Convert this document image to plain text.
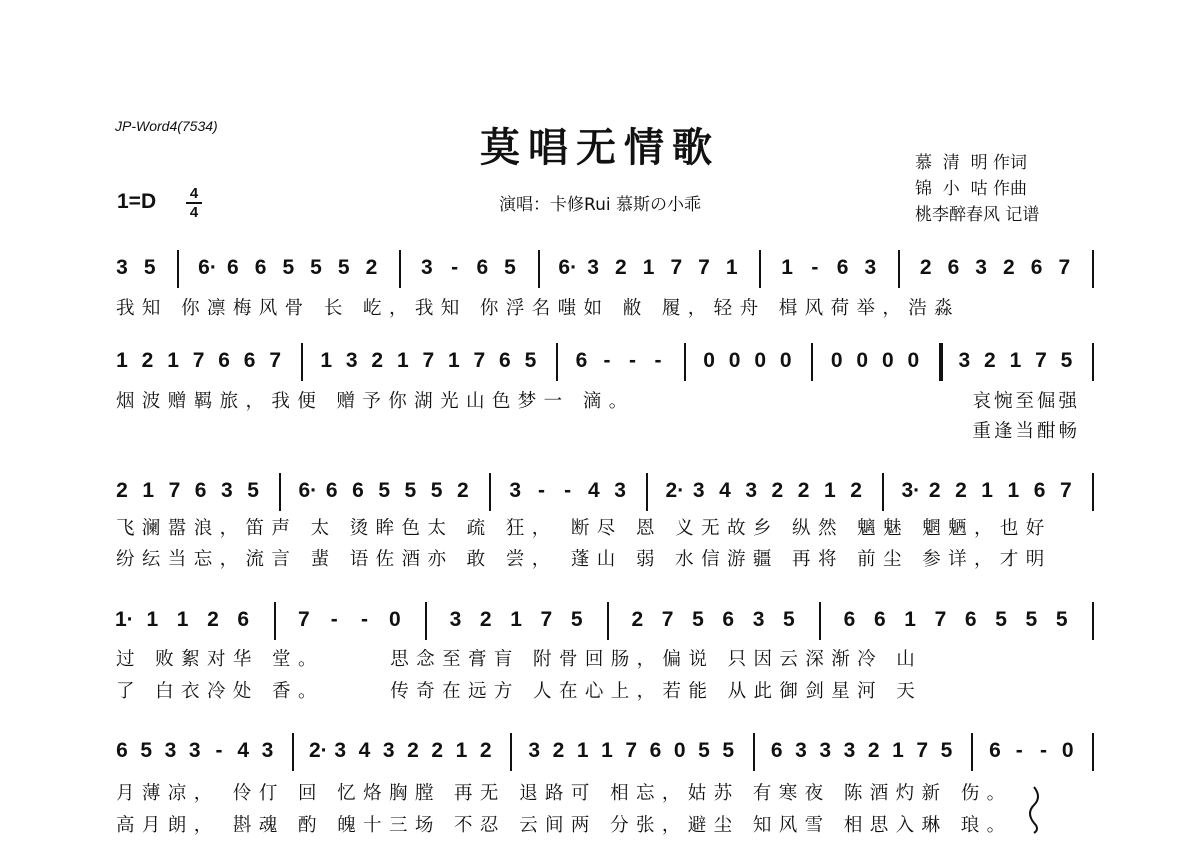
JP-Word4(7534)	莫唱无情歌
演唱：卡修Rui 慕斯の小乖
慕  清  明 作词
锦  小  咕 作曲
桃李醉春风 记谱
1=D 4
4
3 5 6· 6 6 5 5 5 2 3 - 6 5 6· 3 2 1 7 7 1 1 - 6 3 2 6 3 2 6 7
我知 你凛梅风骨 长 屹，我知 你浮名嗤如 敝 履，轻舟 楫风荷举，浩淼
1 2 1 7 6 6 7 1 3 2 1 7 1 7 6 5 6 - - - 0 0 0 0 0 0 0 0 3 2 1 7 5
烟波赠羁旅，我便 赠予你湖光山色梦一 滴。	哀惋至倔强
重逢当酣畅
2 1 7 6 3 5 6· 6 6 5 5 5 2 3 - - 4 3 2· 3 4 3 2 2 1 2 3· 2 2 1 1 6 7
飞澜嚣浪，笛声 太 烫眸色太 疏 狂， 断尽 恩 义无故乡 纵然 魑魅 魍魉，也好
纷纭当忘，流言 蜚 语佐酒亦 敢 尝， 蓬山 弱 水信游疆 再将 前尘 参详，才明
1· 1 1 2 6 7 - - 0 3 2 1 7 5 2 7 5 6 3 5 6 6 1 7 6 5 5 5
过 败絮对华 堂。     思念至膏肓 附骨回肠，偏说 只因云深渐冷 山
了 白衣冷处 香。     传奇在远方 人在心上，若能 从此御剑星河 天
6 5 3 3 - 4 3 2· 3 4 3 2 2 1 2 3 2 1 1 7 6 0 5 5 6 3 3 3 2 1 7 5 6 - - 0
月薄凉， 伶仃 回 忆烙胸膛 再无 退路可 相忘，姑苏 有寒夜 陈酒灼新 伤。
高月朗， 斟魂 酌 魄十三场 不忍 云间两 分张，避尘 知风雪 相思入琳 琅。
